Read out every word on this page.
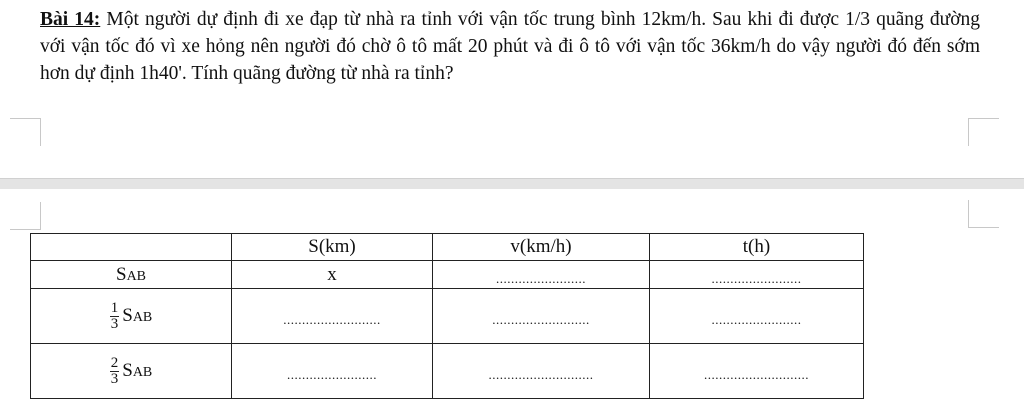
Bài 14: Một người dự định đi xe đạp từ nhà ra tỉnh với vận tốc trung bình 12km/h. Sau khi đi được 1/3 quãng đường với vận tốc đó vì xe hỏng nên người đó chờ ô tô mất 20 phút và đi ô tô với vận tốc 36km/h do vậy người đó đến sớm hơn dự định 1h40'. Tính quãng đường từ nhà ra tỉnh?
	S(km)	v(km/h)	t(h)
SAB	x	........................	........................

$\frac{1}{3}$ SAB	..........................	..........................	........................

$\frac{2}{3}$ SAB	........................	............................	............................
